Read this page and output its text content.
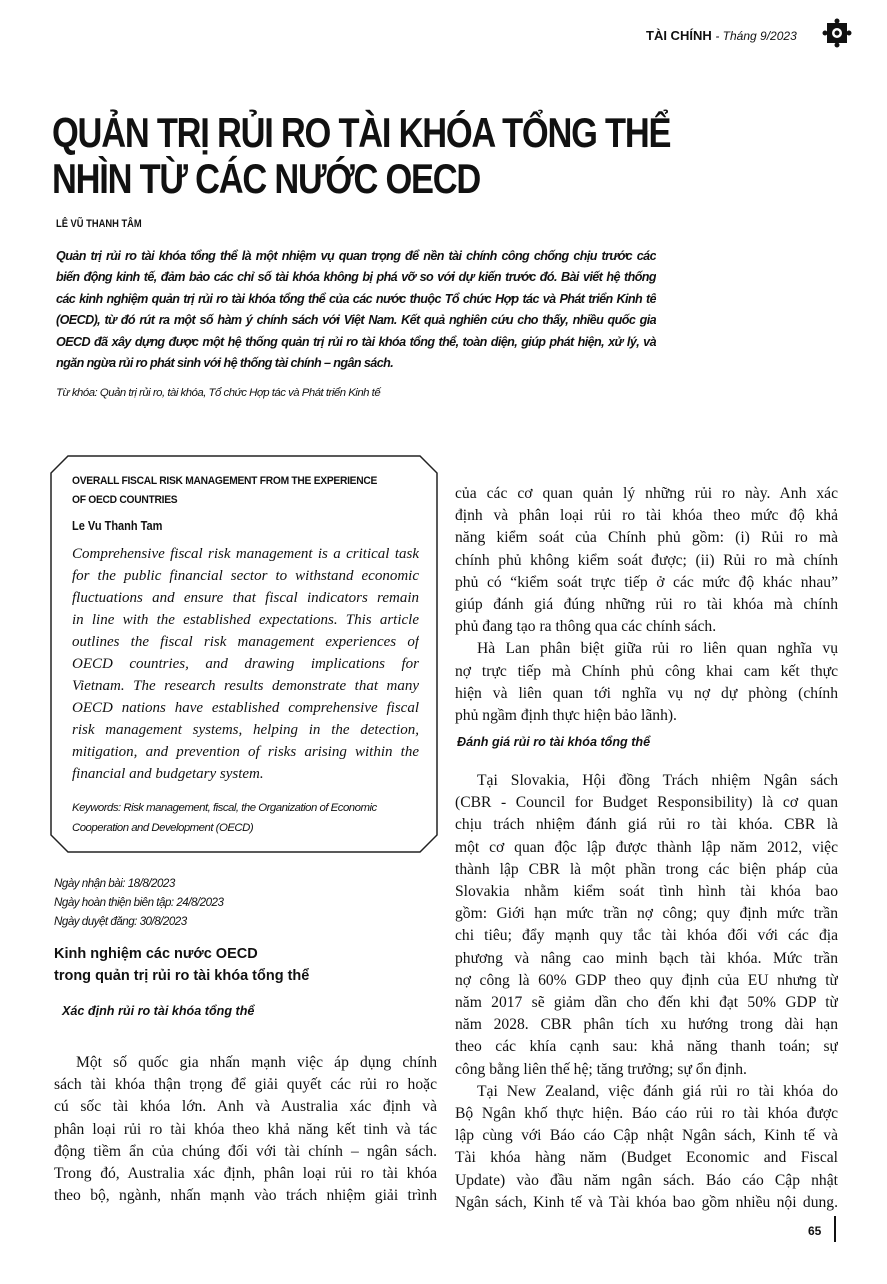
TÀI CHÍNH - Tháng 9/2023
QUẢN TRỊ RỦI RO TÀI KHÓA TỔNG THỂ
NHÌN TỪ CÁC NƯỚC OECD
LÊ VŨ THANH TÂM
Quản trị rủi ro tài khóa tổng thể là một nhiệm vụ quan trọng để nền tài chính công chống chịu trước các
biến động kinh tế, đảm bảo các chỉ số tài khóa không bị phá vỡ so với dự kiến trước đó. Bài viết hệ thống
các kinh nghiệm quản trị rủi ro tài khóa tổng thể của các nước thuộc Tổ chức Hợp tác và Phát triển Kinh tế
(OECD), từ đó rút ra một số hàm ý chính sách với Việt Nam. Kết quả nghiên cứu cho thấy, nhiều quốc gia
OECD đã xây dựng được một hệ thống quản trị rủi ro tài khóa tổng thể, toàn diện, giúp phát hiện, xử lý, và
ngăn ngừa rủi ro phát sinh với hệ thống tài chính – ngân sách.
Từ khóa: Quản trị rủi ro, tài khóa, Tổ chức Hợp tác và Phát triển Kinh tế
OVERALL FISCAL RISK MANAGEMENT FROM THE EXPERIENCE
OF OECD COUNTRIES
Le Vu Thanh Tam
Comprehensive fiscal risk management is a critical task
for the public financial sector to withstand economic
fluctuations and ensure that fiscal indicators remain
in line with the established expectations. This article
outlines the fiscal risk management experiences of
OECD countries, and drawing implications for
Vietnam. The research results demonstrate that many
OECD nations have established comprehensive fiscal
risk management systems, helping in the detection,
mitigation, and prevention of risks arising within the
financial and budgetary system.
Keywords: Risk management, fiscal, the Organization of Economic
Cooperation and Development (OECD)
Ngày nhận bài: 18/8/2023
Ngày hoàn thiện biên tập: 24/8/2023
Ngày duyệt đăng: 30/8/2023
Kinh nghiệm các nước OECD
trong quản trị rủi ro tài khóa tổng thể
Xác định rủi ro tài khóa tổng thể
Một số quốc gia nhấn mạnh việc áp dụng chính
sách tài khóa thận trọng để giải quyết các rủi ro hoặc
cú sốc tài khóa lớn. Anh và Australia xác định và
phân loại rủi ro tài khóa theo khả năng kết tinh và tác
động tiềm ẩn của chúng đối với tài chính – ngân sách.
Trong đó, Australia xác định, phân loại rủi ro tài khóa
theo bộ, ngành, nhấn mạnh vào trách nhiệm giải trình
của các cơ quan quản lý những rủi ro này. Anh xác
định và phân loại rủi ro tài khóa theo mức độ khả
năng kiểm soát của Chính phủ gồm: (i) Rủi ro mà
chính phủ không kiểm soát được; (ii) Rủi ro mà chính
phủ có “kiểm soát trực tiếp ở các mức độ khác nhau”
giúp đánh giá đúng những rủi ro tài khóa mà chính
phủ đang tạo ra thông qua các chính sách.
Hà Lan phân biệt giữa rủi ro liên quan nghĩa vụ
nợ trực tiếp mà Chính phủ công khai cam kết thực
hiện và liên quan tới nghĩa vụ nợ dự phòng (chính
phủ ngầm định thực hiện bảo lãnh).
Đánh giá rủi ro tài khóa tổng thể
Tại Slovakia, Hội đồng Trách nhiệm Ngân sách
(CBR - Council for Budget Responsibility) là cơ quan
chịu trách nhiệm đánh giá rủi ro tài khóa. CBR là
một cơ quan độc lập được thành lập năm 2012, việc
thành lập CBR là một phần trong các biện pháp của
Slovakia nhằm kiểm soát tình hình tài khóa bao
gồm: Giới hạn mức trần nợ công; quy định mức trần
chi tiêu; đẩy mạnh quy tắc tài khóa đối với các địa
phương và nâng cao minh bạch tài khóa. Mức trần
nợ công là 60% GDP theo quy định của EU nhưng từ
năm 2017 sẽ giảm dần cho đến khi đạt 50% GDP từ
năm 2028. CBR phân tích xu hướng trong dài hạn
theo các khía cạnh sau: khả năng thanh toán; sự
công bằng liên thế hệ; tăng trưởng; sự ổn định.
Tại New Zealand, việc đánh giá rủi ro tài khóa do
Bộ Ngân khố thực hiện. Báo cáo rủi ro tài khóa được
lập cùng với Báo cáo Cập nhật Ngân sách, Kinh tế và
Tài khóa hàng năm (Budget Economic and Fiscal
Update) vào đầu năm ngân sách. Báo cáo Cập nhật
Ngân sách, Kinh tế và Tài khóa bao gồm nhiều nội dung.
65
